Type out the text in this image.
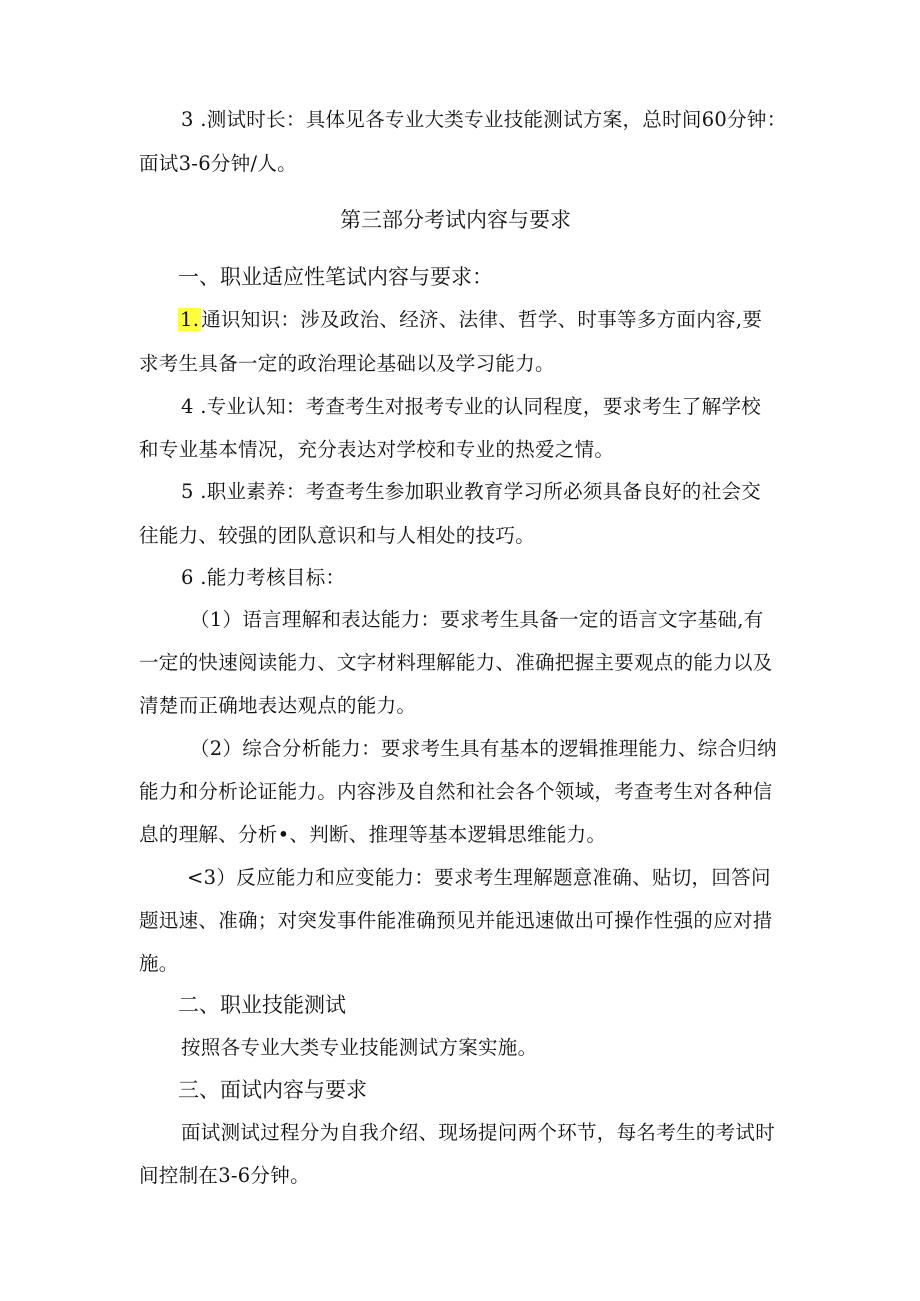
3 .测试时长：具体见各专业大类专业技能测试方案，总时间60分钟：
面试3-6分钟/人。
第三部分考试内容与要求
一、职业适应性笔试内容与要求：
1. 通识知识：涉及政治、经济、法律、哲学、时事等多方面内容,要
求考生具备一定的政治理论基础以及学习能力。
4 .专业认知：考查考生对报考专业的认同程度，要求考生了解学校
和专业基本情况，充分表达对学校和专业的热爱之情。
5 .职业素养：考查考生参加职业教育学习所必须具备良好的社会交
往能力、较强的团队意识和与人相处的技巧。
6 .能力考核目标：
（1）语言理解和表达能力：要求考生具备一定的语言文字基础,有
一定的快速阅读能力、文字材料理解能力、准确把握主要观点的能力以及
清楚而正确地表达观点的能力。
（2）综合分析能力：要求考生具有基本的逻辑推理能力、综合归纳
能力和分析论证能力。内容涉及自然和社会各个领域，考查考生对各种信
息的理解、分析•、判断、推理等基本逻辑思维能力。
<3）反应能力和应变能力：要求考生理解题意准确、贴切，回答问
题迅速、准确；对突发事件能准确预见并能迅速做出可操作性强的应对措
施。
二、职业技能测试
按照各专业大类专业技能测试方案实施。
三、面试内容与要求
面试测试过程分为自我介绍、现场提问两个环节，每名考生的考试时
间控制在3-6分钟。
